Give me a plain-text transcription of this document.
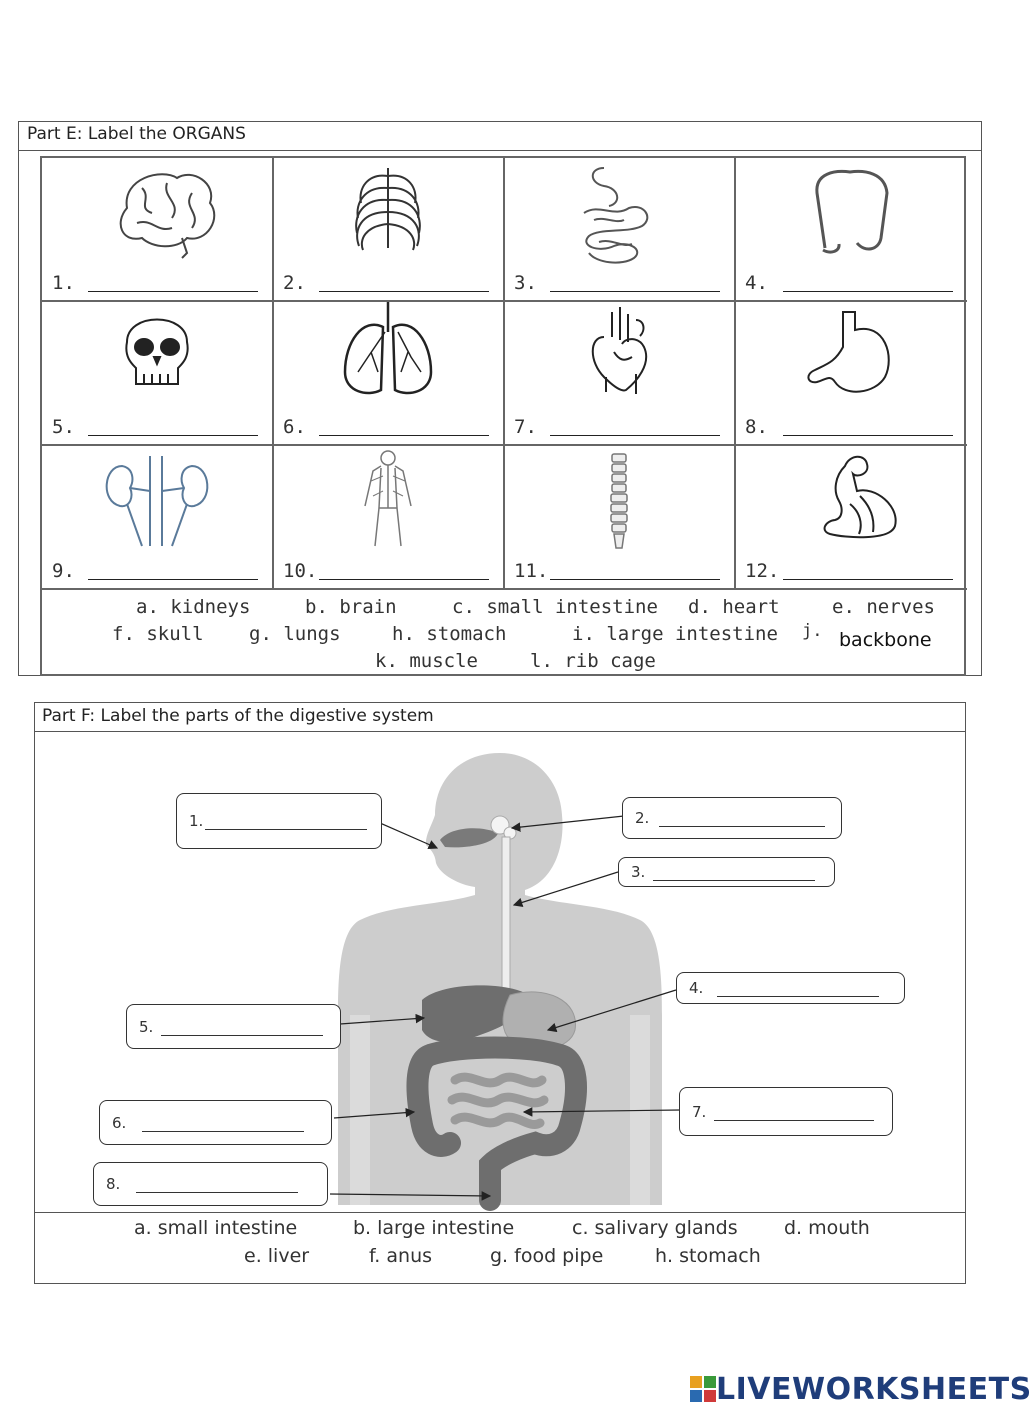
Part E: Label the ORGANS
1.	2.	3.	4.
5.	6.	7.	8.
9.	10.	11.	12.
a. kidneys	b. brain	c. small intestine d. heart	e. nerves
f. skull g. lungs	h. stomach	i. large intestine j. backbone
k. muscle	l. rib cage
Part F: Label the parts of the digestive system
1.	2.
3.
4.
5.
6.
7.
8.
a. small intestine	b. large intestine	c. salivary glands d. mouth
e. liver	f. anus	g. food pipe	h. stomach
LIVEWORKSHEETS
